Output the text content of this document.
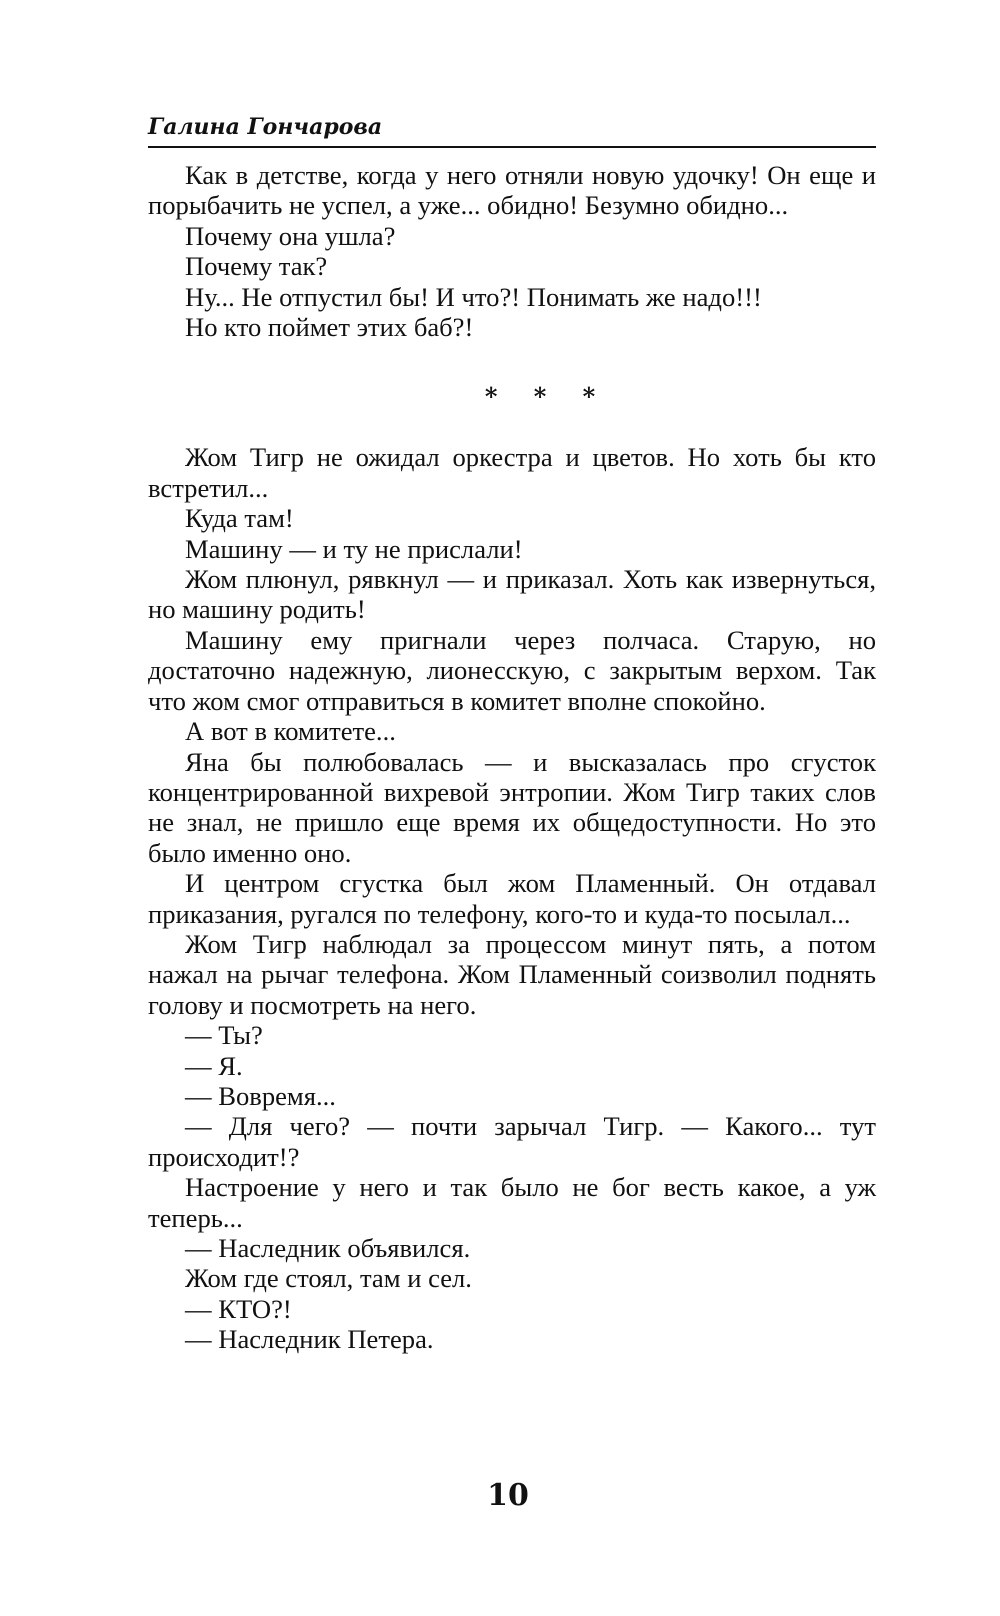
Галина Гончарова

Как в детстве, когда у него отняли новую удочку! Он еще и порыбачить не успел, а уже... обидно! Безумно обидно...

Почему она ушла?

Почему так?

Ну... Не отпустил бы! И что?! Понимать же надо!!!

Но кто поймет этих баб?!

* * *

Жом Тигр не ожидал оркестра и цветов. Но хоть бы кто встретил...

Куда там!

Машину — и ту не прислали!

Жом плюнул, рявкнул — и приказал. Хоть как извернуться, но машину родить!

Машину ему пригнали через полчаса. Старую, но достаточно надежную, лионесскую, с закрытым верхом. Так что жом смог отправиться в комитет вполне спокойно.

А вот в комитете...

Яна бы полюбовалась — и высказалась про сгусток концентрированной вихревой энтропии. Жом Тигр таких слов не знал, не пришло еще время их общедоступности. Но это было именно оно.

И центром сгустка был жом Пламенный. Он отдавал приказания, ругался по телефону, кого-то и куда-то посылал...

Жом Тигр наблюдал за процессом минут пять, а потом нажал на рычаг телефона. Жом Пламенный соизволил поднять голову и посмотреть на него.

— Ты?

— Я.

— Вовремя...

— Для чего? — почти зарычал Тигр. — Какого... тут происходит!?

Настроение у него и так было не бог весть какое, а уж теперь...

— Наследник объявился.

Жом где стоял, там и сел.

— КТО?!

— Наследник Петера.

10
